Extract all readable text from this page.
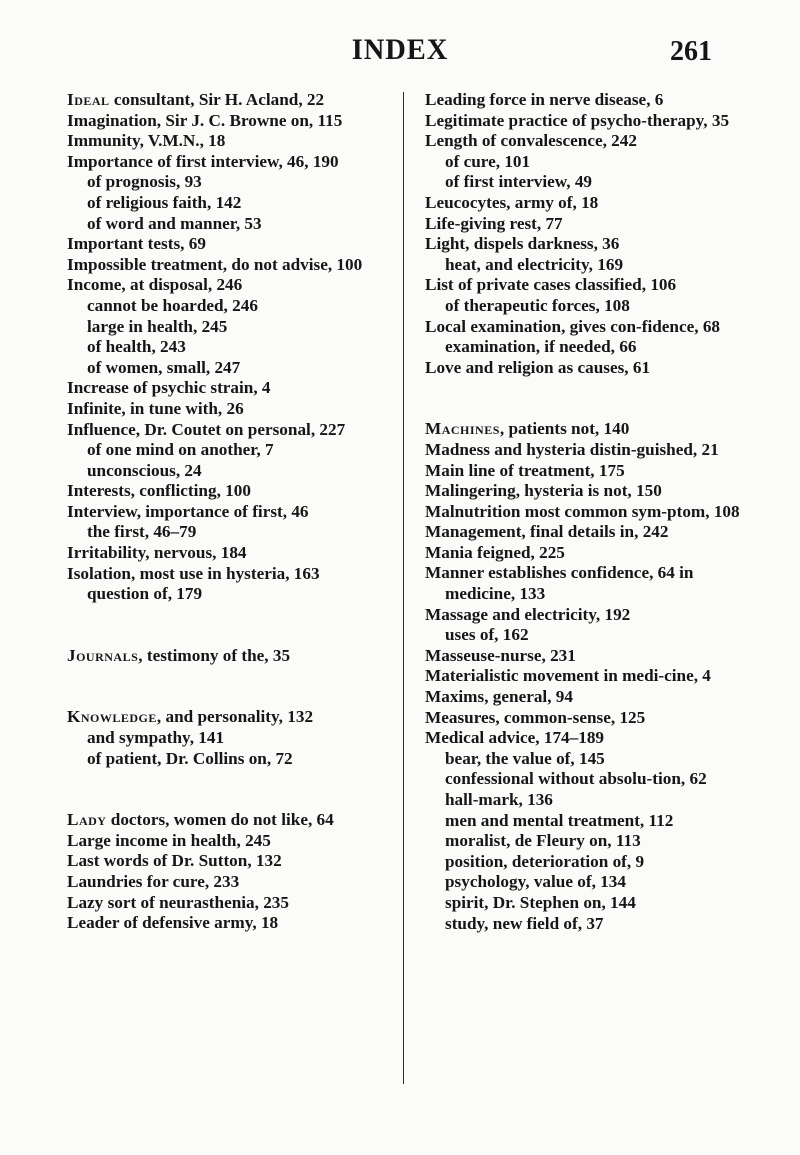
INDEX	261

Ideal consultant, Sir H. Acland, 22

Imagination, Sir J. C. Browne on, 115

Immunity, V.M.N., 18

Importance of first interview, 46, 190

of prognosis, 93

of religious faith, 142

of word and manner, 53

Important tests, 69

Impossible treatment, do not advise, 100

Income, at disposal, 246

cannot be hoarded, 246

large in health, 245

of health, 243

of women, small, 247

Increase of psychic strain, 4

Infinite, in tune with, 26

Influence, Dr. Coutet on personal, 227

of one mind on another, 7

unconscious, 24

Interests, conflicting, 100

Interview, importance of first, 46

the first, 46–79

Irritability, nervous, 184

Isolation, most use in hysteria, 163

question of, 179

Journals, testimony of the, 35

Knowledge, and personality, 132

and sympathy, 141

of patient, Dr. Collins on, 72

Lady doctors, women do not like, 64

Large income in health, 245

Last words of Dr. Sutton, 132

Laundries for cure, 233

Lazy sort of neurasthenia, 235

Leader of defensive army, 18

Leading force in nerve disease, 6

Legitimate practice of psycho-therapy, 35

Length of convalescence, 242

of cure, 101

of first interview, 49

Leucocytes, army of, 18

Life-giving rest, 77

Light, dispels darkness, 36

heat, and electricity, 169

List of private cases classified, 106

of therapeutic forces, 108

Local examination, gives con-fidence, 68

examination, if needed, 66

Love and religion as causes, 61

Machines, patients not, 140

Madness and hysteria distin-guished, 21

Main line of treatment, 175

Malingering, hysteria is not, 150

Malnutrition most common sym-ptom, 108

Management, final details in, 242

Mania feigned, 225

Manner establishes confidence, 64 in medicine, 133

Massage and electricity, 192

uses of, 162

Masseuse-nurse, 231

Materialistic movement in medi-cine, 4

Maxims, general, 94

Measures, common-sense, 125

Medical advice, 174–189

bear, the value of, 145

confessional without absolu-tion, 62

hall-mark, 136

men and mental treatment, 112

moralist, de Fleury on, 113

position, deterioration of, 9

psychology, value of, 134

spirit, Dr. Stephen on, 144

study, new field of, 37
